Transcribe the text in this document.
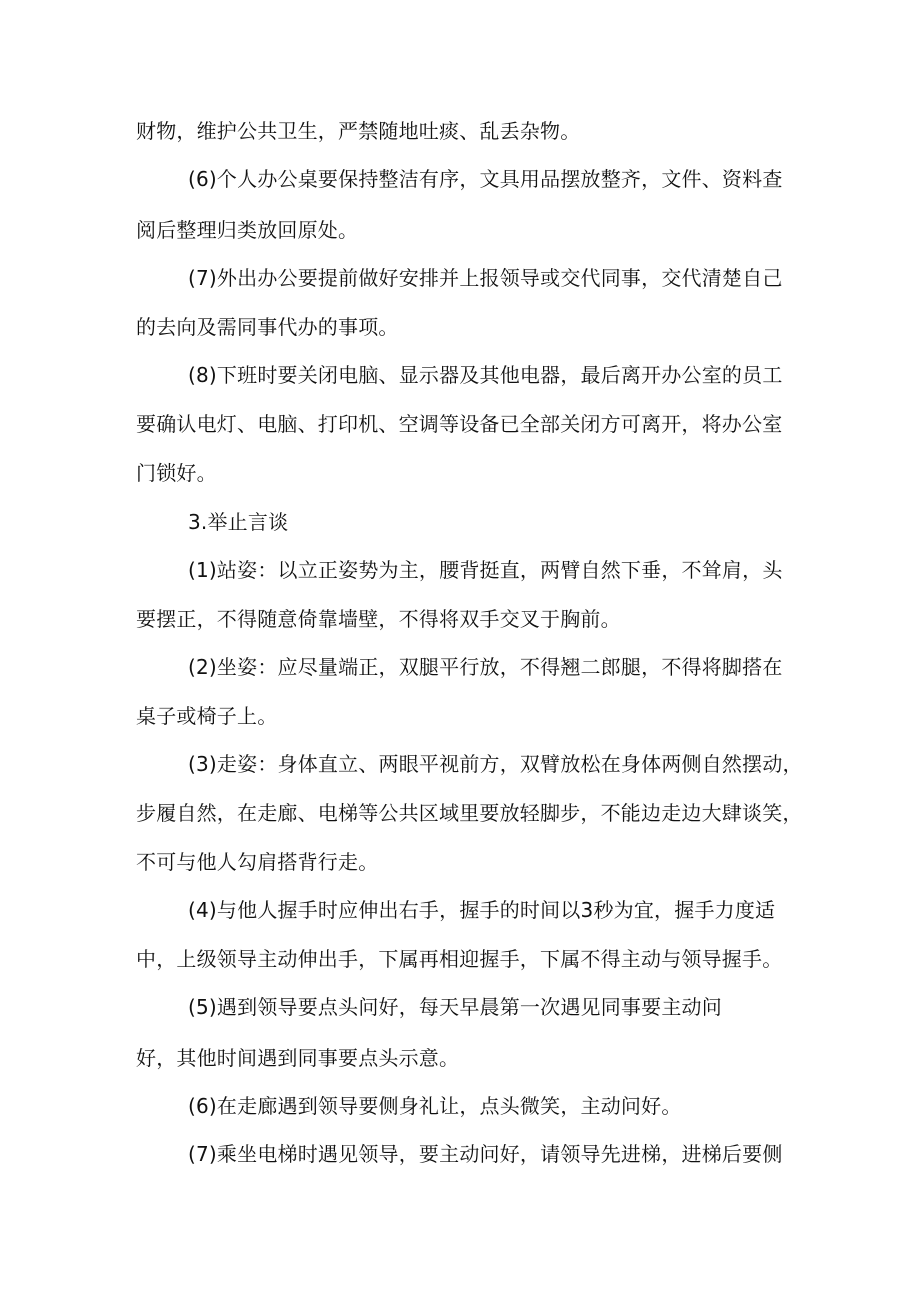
财物，维护公共卫生，严禁随地吐痰、乱丢杂物。
(6)个人办公桌要保持整洁有序，文具用品摆放整齐，文件、资料查
阅后整理归类放回原处。
(7)外出办公要提前做好安排并上报领导或交代同事，交代清楚自己
的去向及需同事代办的事项。
(8)下班时要关闭电脑、显示器及其他电器，最后离开办公室的员工
要确认电灯、电脑、打印机、空调等设备已全部关闭方可离开，将办公室
门锁好。
3.举止言谈
(1)站姿：以立正姿势为主，腰背挺直，两臂自然下垂，不耸肩，头
要摆正，不得随意倚靠墙壁，不得将双手交叉于胸前。
(2)坐姿：应尽量端正，双腿平行放，不得翘二郎腿，不得将脚搭在
桌子或椅子上。
(3)走姿：身体直立、两眼平视前方，双臂放松在身体两侧自然摆动，
步履自然，在走廊、电梯等公共区域里要放轻脚步，不能边走边大肆谈笑，
不可与他人勾肩搭背行走。
(4)与他人握手时应伸出右手，握手的时间以3秒为宜，握手力度适
中，上级领导主动伸出手，下属再相迎握手，下属不得主动与领导握手。
(5)遇到领导要点头问好，每天早晨第一次遇见同事要主动问
好，其他时间遇到同事要点头示意。
(6)在走廊遇到领导要侧身礼让，点头微笑，主动问好。
(7)乘坐电梯时遇见领导，要主动问好，请领导先进梯，进梯后要侧
